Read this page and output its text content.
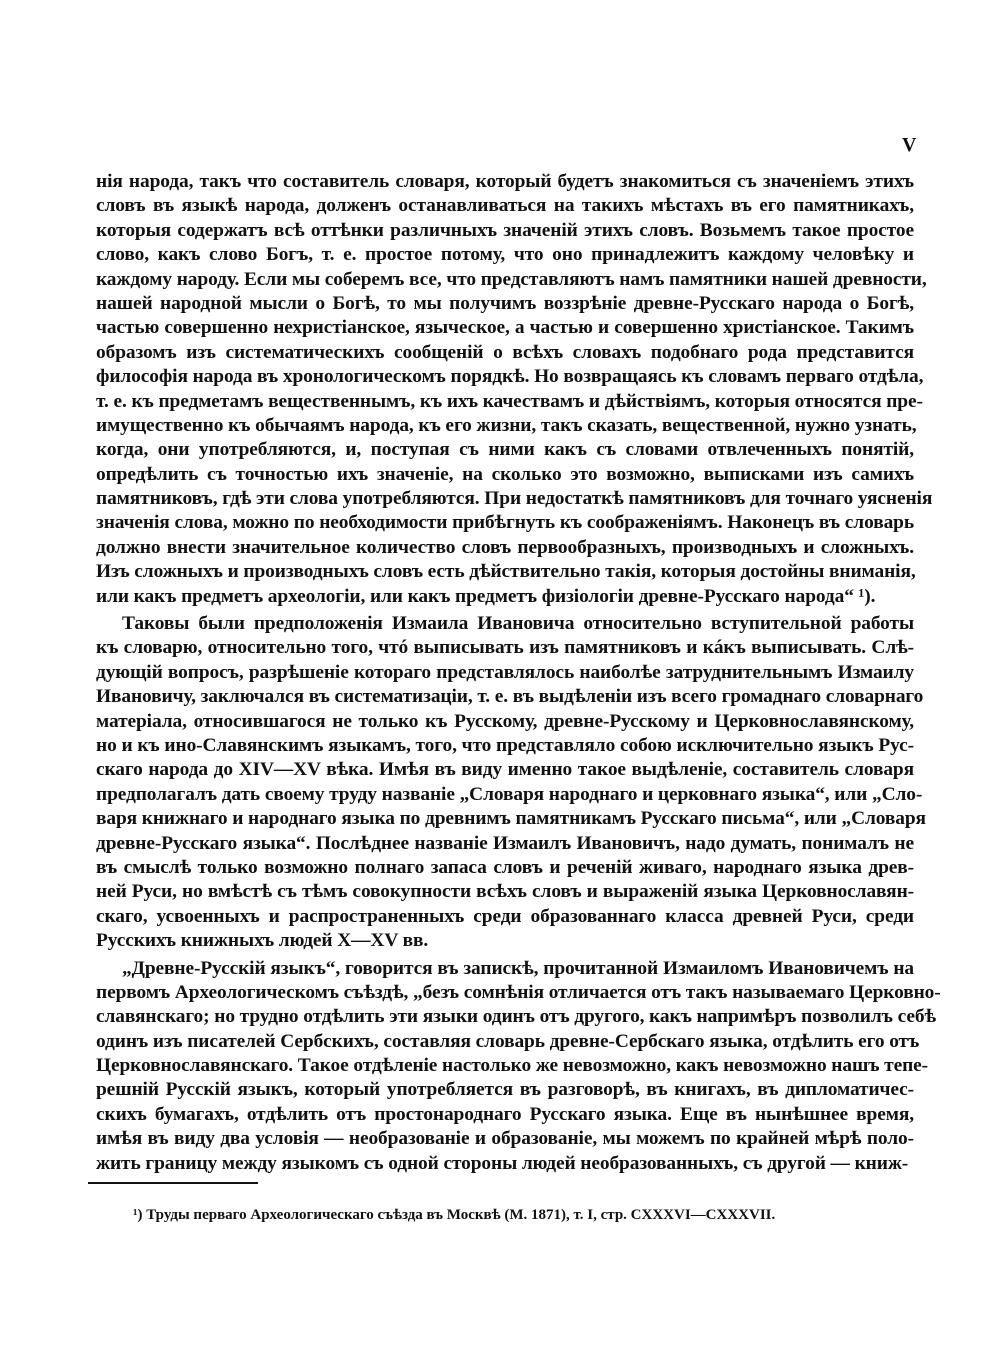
V
нія народа, такъ что составитель словаря, который будетъ знакомиться съ значеніемъ этихъ
словъ въ языкѣ народа, долженъ останавливаться на такихъ мѣстахъ въ его памятникахъ,
которыя содержатъ всѣ оттѣнки различныхъ значеній этихъ словъ. Возьмемъ такое простое
слово, какъ слово Богъ, т. е. простое потому, что оно принадлежитъ каждому человѣку и
каждому народу. Если мы соберемъ все, что представляютъ намъ памятники нашей древности,
нашей народной мысли о Богѣ, то мы получимъ воззрѣніе древне-Русскаго народа о Богѣ,
частью совершенно нехристіанское, языческое, а частью и совершенно христіанское. Такимъ
образомъ изъ систематическихъ сообщеній о всѣхъ словахъ подобнаго рода представится
философія народа въ хронологическомъ порядкѣ. Но возвращаясь къ словамъ перваго отдѣла,
т. е. къ предметамъ вещественнымъ, къ ихъ качествамъ и дѣйствіямъ, которыя относятся пре-
имущественно къ обычаямъ народа, къ его жизни, такъ сказать, вещественной, нужно узнать,
когда, они употребляются, и, поступая съ ними какъ съ словами отвлеченныхъ понятій,
опредѣлить съ точностью ихъ значеніе, на сколько это возможно, выписками изъ самихъ
памятниковъ, гдѣ эти слова употребляются. При недостаткѣ памятниковъ для точнаго уясненія
значенія слова, можно по необходимости прибѣгнуть къ соображеніямъ. Наконецъ въ словарь
должно внести значительное количество словъ первообразныхъ, производныхъ и сложныхъ.
Изъ сложныхъ и производныхъ словъ есть дѣйствительно такія, которыя достойны вниманія,
или какъ предметъ археологіи, или какъ предметъ физіологіи древне-Русскаго народа“ ¹).
Таковы были предположенія Измаила Ивановича относительно вступительной работы
къ словарю, относительно того, чтó выписывать изъ памятниковъ и кáкъ выписывать. Слѣ-
дующій вопросъ, разрѣшеніе котораго представлялось наиболѣе затруднительнымъ Измаилу
Ивановичу, заключался въ систематизаціи, т. е. въ выдѣленіи изъ всего громаднаго словарнаго
матеріала, относившагося не только къ Русскому, древне-Русскому и Церковнославянскому,
но и къ ино-Славянскимъ языкамъ, того, что представляло собою исключительно языкъ Рус-
скаго народа до XIV—XV вѣка. Имѣя въ виду именно такое выдѣленіе, составитель словаря
предполагалъ дать своему труду названіе „Словаря народнаго и церковнаго языка“, или „Сло-
варя книжнаго и народнаго языка по древнимъ памятникамъ Русскаго письма“, или „Словаря
древне-Русскаго языка“. Послѣднее названіе Измаилъ Ивановичъ, надо думать, понималъ не
въ смыслѣ только возможно полнаго запаса словъ и реченій живаго, народнаго языка древ-
ней Руси, но вмѣстѣ съ тѣмъ совокупности всѣхъ словъ и выраженій языка Церковнославян-
скаго, усвоенныхъ и распространенныхъ среди образованнаго класса древней Руси, среди
Русскихъ книжныхъ людей X—XV вв.
„Древне-Русскій языкъ“, говорится въ запискѣ, прочитанной Измаиломъ Ивановичемъ на
первомъ Археологическомъ съѣздѣ, „безъ сомнѣнія отличается отъ такъ называемаго Церковно-
славянскаго; но трудно отдѣлить эти языки одинъ отъ другого, какъ напримѣръ позволилъ себѣ
одинъ изъ писателей Сербскихъ, составляя словарь древне-Сербскаго языка, отдѣлить его отъ
Церковнославянскаго. Такое отдѣленіе настолько же невозможно, какъ невозможно нашъ тепе-
решній Русскій языкъ, который употребляется въ разговорѣ, въ книгахъ, въ дипломатичес-
скихъ бумагахъ, отдѣлить отъ простонароднаго Русскаго языка. Еще въ нынѣшнее время,
имѣя въ виду два условія — необразованіе и образованіе, мы можемъ по крайней мѣрѣ поло-
жить границу между языкомъ съ одной стороны людей необразованныхъ, съ другой — книж-
¹) Труды перваго Археологическаго съѣзда въ Москвѣ (М. 1871), т. I, стр. CXXXVI—CXXXVII.
